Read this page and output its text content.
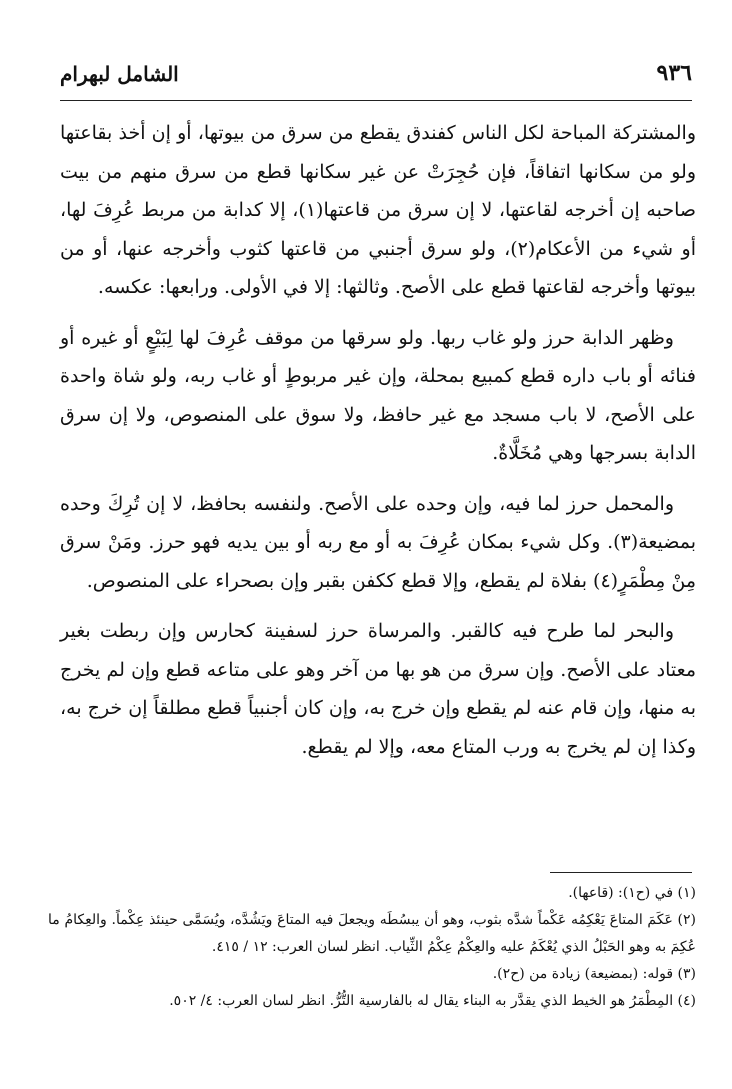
٩٣٦
الشامل لبهرام

والمشتركة المباحة لكل الناس كفندق يقطع من سرق من بيوتها، أو إن أخذ بقاعتها ولو من سكانها اتفاقاً، فإن حُجِرَتْ عن غير سكانها قطع من سرق منهم من بيت صاحبه إن أخرجه لقاعتها، لا إن سرق من قاعتها(١)، إلا كدابة من مربط عُرِفَ لها، أو شيء من الأعكام(٢)، ولو سرق أجنبي من قاعتها كثوب وأخرجه عنها، أو من بيوتها وأخرجه لقاعتها قطع على الأصح. وثالثها: إلا في الأولى. ورابعها: عكسه.

وظهر الدابة حرز ولو غاب ربها. ولو سرقها من موقف عُرِفَ لها لِبَيْعٍ أو غيره أو فنائه أو باب داره قطع كمبيع بمحلة، وإن غير مربوطٍ أو غاب ربه، ولو شاة واحدة على الأصح، لا باب مسجد مع غير حافظ، ولا سوق على المنصوص، ولا إن سرق الدابة بسرجها وهي مُخَلَّاةٌ.

والمحمل حرز لما فيه، وإن وحده على الأصح. ولنفسه بحافظ، لا إن تُرِكَ وحده بمضيعة(٣). وكل شيء بمكان عُرِفَ به أو مع ربه أو بين يديه فهو حرز. ومَنْ سرق مِنْ مِطْمَرٍ(٤) بفلاة لم يقطع، وإلا قطع ككفن بقبر وإن بصحراء على المنصوص.

والبحر لما طرح فيه كالقبر. والمرساة حرز لسفينة كحارس وإن ربطت بغير معتاد على الأصح. وإن سرق من هو بها من آخر وهو على متاعه قطع وإن لم يخرج به منها، وإن قام عنه لم يقطع وإن خرج به، وإن كان أجنبياً قطع مطلقاً إن خرج به، وكذا إن لم يخرج به ورب المتاع معه، وإلا لم يقطع.

(١) في (ح١): (قاعها).

(٢) عَكَمَ المتاعَ يَعْكِمُه عَكْماً شدَّه بثوب، وهو أن يبسُطَه ويجعلَ فيه المتاعَ ويَشُدَّه، ويُسَمَّى حينئذ عِكْماً. والعِكامُ ما عُكِمَ به وهو الحَبْلُ الذي يُعْكَمُ عليه والعِكْمُ عِكْمُ الثِّياب. انظر لسان العرب: ١٢ / ٤١٥.

(٣) قوله: (بمضيعة) زيادة من (ح٢).

(٤) المِطْمَرُ هو الخيط الذي يقدَّر به البناء يقال له بالفارسية التُّرُّ. انظر لسان العرب: ٤/ ٥٠٢.
